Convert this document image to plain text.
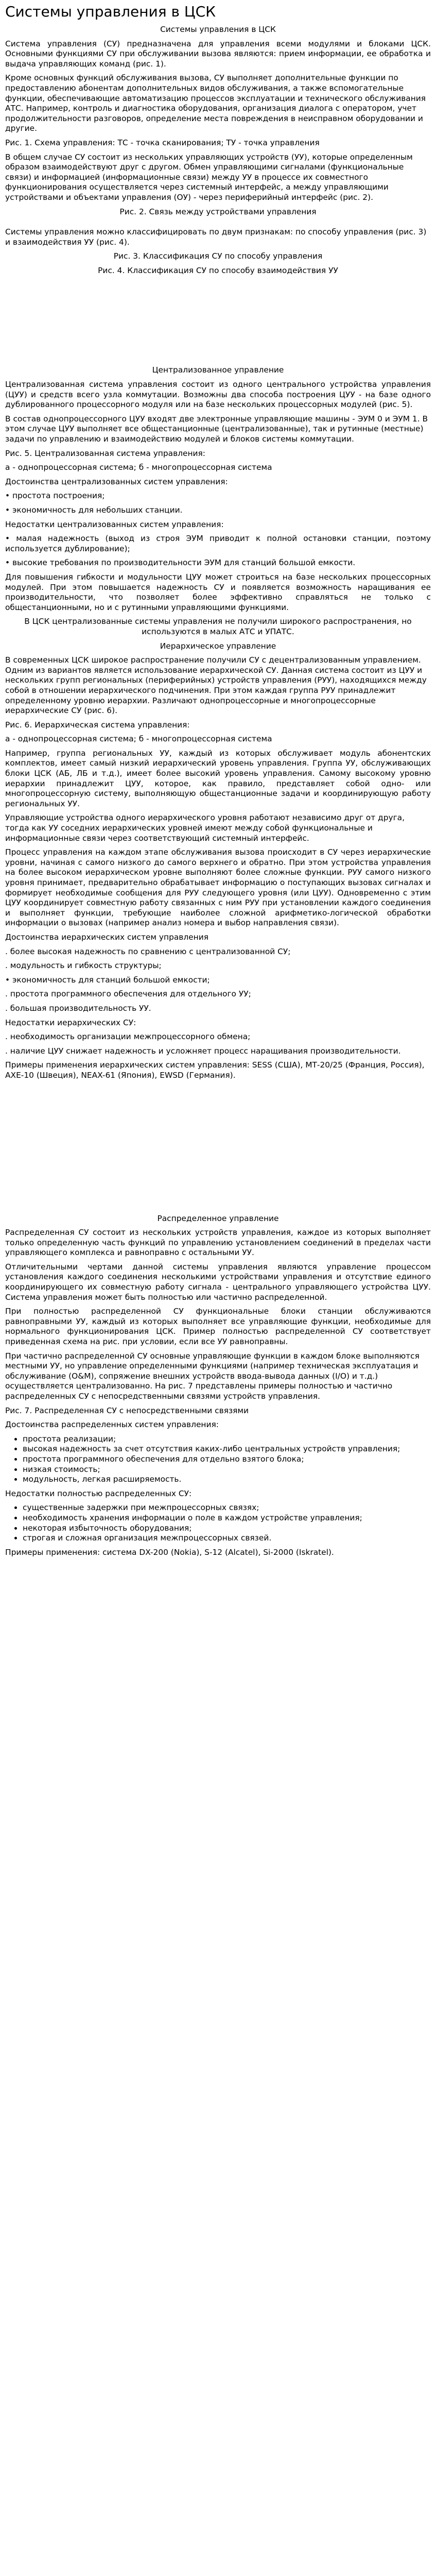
Системы управления в ЦСК
Системы управления в ЦСК
Система управления (СУ) предназначена для управления всеми модулями и блоками ЦСК. Основными функциями СУ при обслуживании вызова являются: прием информации, ее обработка и выдача управляющих команд (рис. 1).
Кроме основных функций обслуживания вызова, СУ выполняет дополнительные функции по предоставлению абонентам дополнительных видов обслуживания, а также вспомогательные функции, обеспечивающие автоматизацию процессов эксплуатации и технического обслуживания АТС. Например, контроль и диагностика оборудования, организация диалога с оператором, учет продолжительности разговоров, определение места повреждения в неисправном оборудовании и другие.
Рис. 1. Схема управления: ТС - точка сканирования; ТУ - точка управления
В общем случае СУ состоит из нескольких управляющих устройств (УУ), которые определенным образом взаимодействуют друг с другом. Обмен управляющими сигналами (функциональные связи) и информацией (информационные связи) между УУ в процессе их совместного функционирования осуществляется через системный интерфейс, а между управляющими устройствами и объектами управления (ОУ) - через периферийный интерфейс (рис. 2).
Рис. 2. Связь между устройствами управления
Системы управления можно классифицировать по двум признакам: по способу управления (рис. 3) и взаимодействия УУ (рис. 4).
Рис. 3. Классификация СУ по способу управления
Рис. 4. Классификация СУ по способу взаимодействия УУ
Централизованное управление
Централизованная система управления состоит из одного центрального устройства управления (ЦУУ) и средств всего узла коммутации. Возможны два способа построения ЦУУ - на базе одного дублированного процессорного модуля или на базе нескольких процессорных модулей (рис. 5).
В состав однопроцессорного ЦУУ входят две электронные управляющие машины - ЭУМ 0 и ЭУМ 1. В этом случае ЦУУ выполняет все общестанционные (централизованные), так и рутинные (местные) задачи по управлению и взаимодействию модулей и блоков системы коммутации.
Рис. 5. Централизованная система управления:
а - однопроцессорная система; б - многопроцессорная система
Достоинства централизованных систем управления:
• простота построения;
• экономичность для небольших станции.
Недостатки централизованных систем управления:
• малая надежность (выход из строя ЭУМ приводит к полной остановки станции, поэтому используется дублирование);
• высокие требования по производительности ЭУМ для станций большой емкости.
Для повышения гибкости и модульности ЦУУ может строиться на базе нескольких процессорных модулей. При этом повышается надежность СУ и появляется возможность наращивания ее производительности, что позволяет более эффективно справляться не только с общестанционными, но и с рутинными управляющими функциями.
В ЦСК централизованные системы управления не получили широкого распространения, но используются в малых АТС и УПАТС.
Иерархическое управление
В современных ЦСК широкое распространение получили СУ с децентрализованным управлением. Одним из вариантов является использование иерархической СУ. Данная система состоит из ЦУУ и нескольких групп региональных (периферийных) устройств управления (РУУ), находящихся между собой в отношении иерархического подчинения. При этом каждая группа РУУ принадлежит определенному уровню иерархии. Различают однопроцессорные и многопроцессорные иерархические СУ (рис. 6).
Рис. 6. Иерархическая система управления:
а - однопроцессорная система; б - многопроцессорная система
Например, группа региональных УУ, каждый из которых обслуживает модуль абонентских комплектов, имеет самый низкий иерархический уровень управления. Группа УУ, обслуживающих блоки ЦСК (АБ, ЛБ и т.д.), имеет более высокий уровень управления. Самому высокому уровню иерархии принадлежит ЦУУ, которое, как правило, представляет собой одно- или многопроцессорную систему, выполняющую общестанционные задачи и координирующую работу региональных УУ.
Управляющие устройства одного иерархического уровня работают независимо друг от друга, тогда как УУ соседних иерархических уровней имеют между собой функциональные и информационные связи через соответствующий системный интерфейс.
Процесс управления на каждом этапе обслуживания вызова происходит в СУ через иерархические уровни, начиная с самого низкого до самого верхнего и обратно. При этом устройства управления на более высоком иерархическом уровне выполняют более сложные функции. РУУ самого низкого уровня принимает, предварительно обрабатывает информацию о поступающих вызовах сигналах и формирует необходимые сообщения для РУУ следующего уровня (или ЦУУ). Одновременно с этим ЦУУ координирует совместную работу связанных с ним РУУ при установлении каждого соединения и выполняет функции, требующие наиболее сложной арифметико-логической обработки информации о вызовах (например анализ номера и выбор направления связи).
Достоинства иерархических систем управления
. более высокая надежность по сравнению с централизованной СУ;
. модульность и гибкость структуры;
• экономичность для станций большой емкости;
. простота программного обеспечения для отдельного УУ;
. большая производительность УУ.
Недостатки иерархических СУ:
. необходимость организации межпроцессорного обмена;
. наличие ЦУУ снижает надежность и усложняет процесс наращивания производительности.
Примеры применения иерархических систем управления: SESS (США), МТ-20/25 (Франция, Россия), АХЕ-10 (Швеция), NEAX-61 (Япония), EWSD (Германия).
Распределенное управление
Распределенная СУ состоит из нескольких устройств управления, каждое из которых выполняет только определенную часть функций по управлению установлением соединений в пределах части управляющего комплекса и равноправно с остальными УУ.
Отличительными чертами данной системы управления являются управление процессом установления каждого соединения несколькими устройствами управления и отсутствие единого координирующего их совместную работу сигнала - центрального управляющего устройства ЦУУ. Система управления может быть полностью или частично распределенной.
При полностью распределенной СУ функциональные блоки станции обслуживаются равноправными УУ, каждый из которых выполняет все управляющие функции, необходимые для нормального функционирования ЦСК. Пример полностью распределенной СУ соответствует приведенная схема на рис. при условии, если все УУ равноправны.
При частично распределенной СУ основные управляющие функции в каждом блоке выполняются местными УУ, но управление определенными функциями (например техническая эксплуатация и обслуживание (О&М), сопряжение внешних устройств ввода-вывода данных (I/O) и т.д.) осуществляется централизованно. На рис. 7 представлены примеры полностью и частично распределенных СУ с непосредственными связями устройств управления.
Рис. 7. Распределенная СУ с непосредственными связями
Достоинства распределенных систем управления:
• простота реализации;
• высокая надежность за счет отсутствия каких-либо центральных устройств управления;
• простота программного обеспечения для отдельно взятого блока;
• низкая стоимость;
• модульность, легкая расширяемость.
Недостатки полностью распределенных СУ:
• существенные задержки при межпроцессорных связях;
• необходимость хранения информации о поле в каждом устройстве управления;
• некоторая избыточность оборудования;
• строгая и сложная организация межпроцессорных связей.
Примеры применения: система DX-200 (Nokia), S-12 (Alcatel), Si-2000 (Iskratel).
